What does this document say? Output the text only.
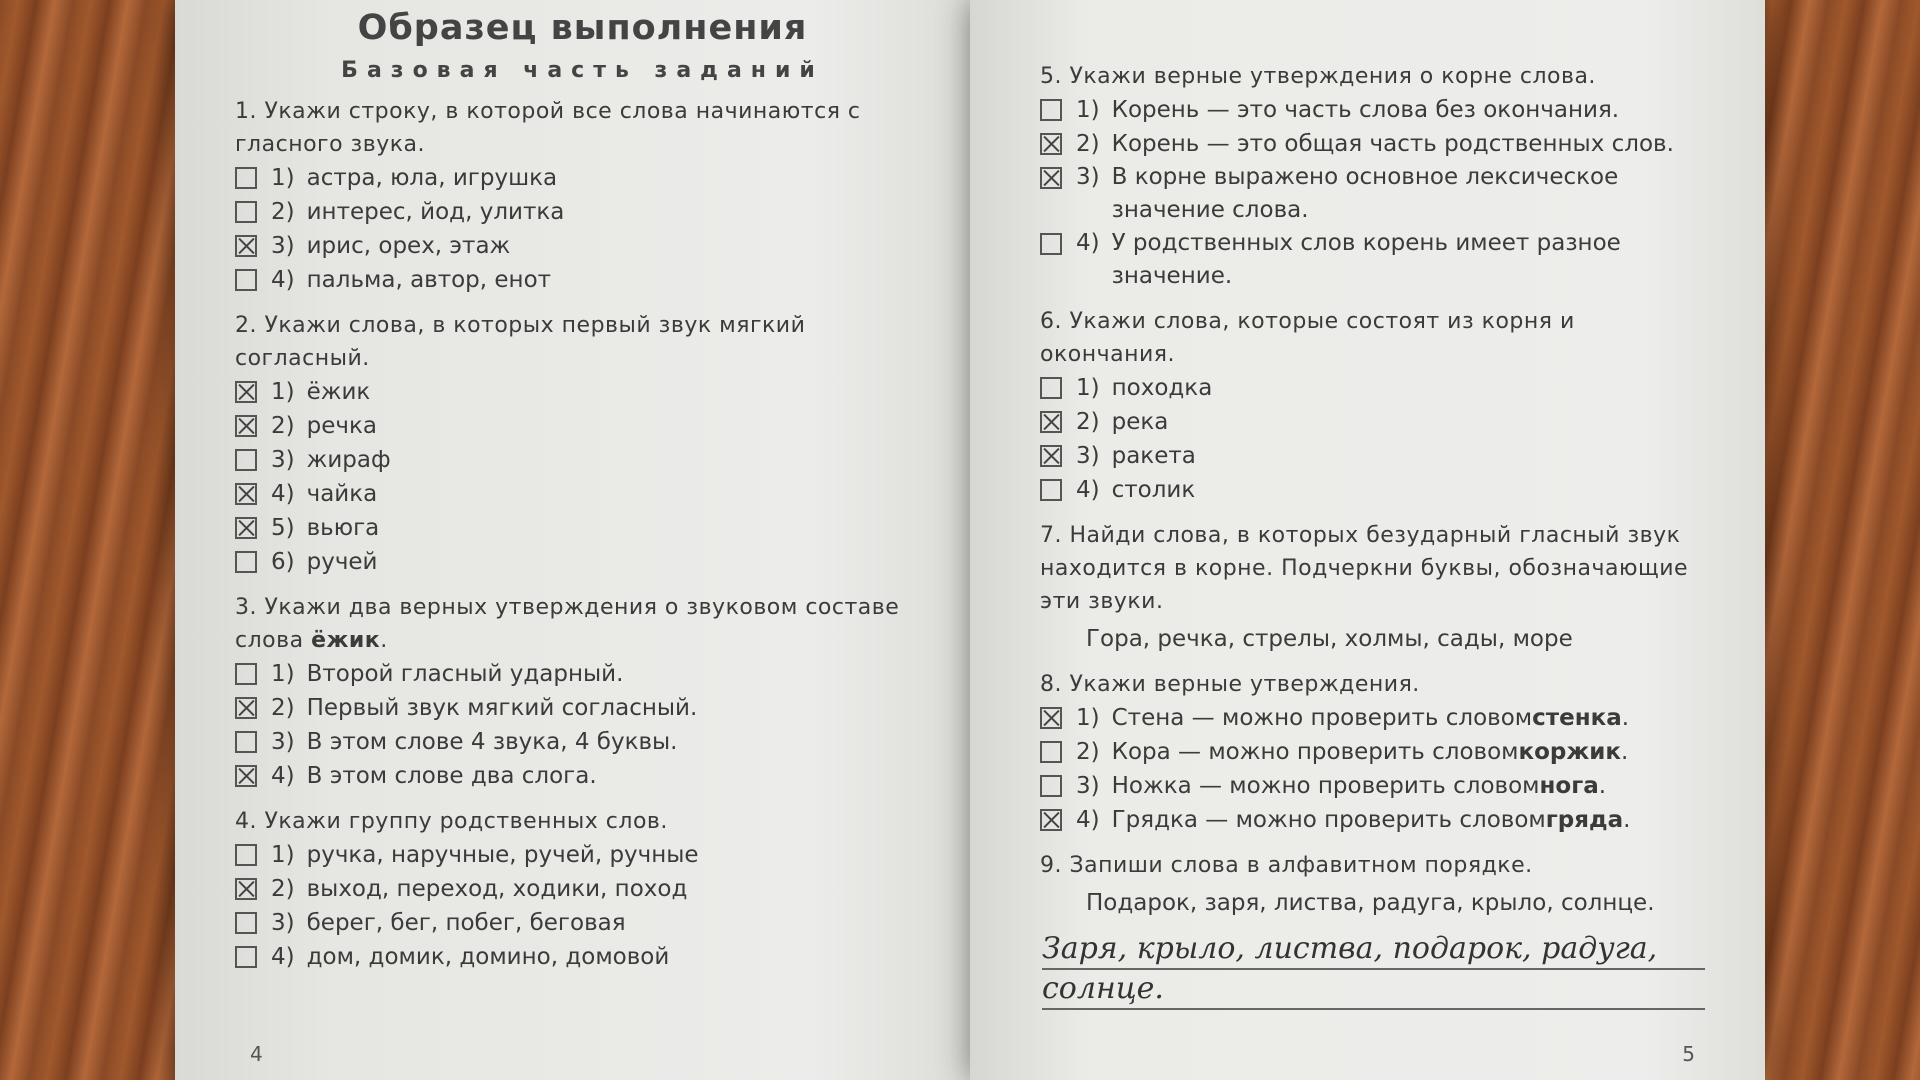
Образец выполнения
Базовая часть заданий
1. Укажи строку, в которой все слова начинаются с гласного звука.
1) астра, юла, игрушка
2) интерес, йод, улитка
3) ирис, орех, этаж
4) пальма, автор, енот
2. Укажи слова, в которых первый звук мягкий согласный.
1) ёжик
2) речка
3) жираф
4) чайка
5) вьюга
6) ручей
3. Укажи два верных утверждения о звуковом составе слова ёжик.
1) Второй гласный ударный.
2) Первый звук мягкий согласный.
3) В этом слове 4 звука, 4 буквы.
4) В этом слове два слога.
4. Укажи группу родственных слов.
1) ручка, наручные, ручей, ручные
2) выход, переход, ходики, поход
3) берег, бег, побег, беговая
4) дом, домик, домино, домовой
4
5. Укажи верные утверждения о корне слова.
1) Корень — это часть слова без окончания.
2) Корень — это общая часть родственных слов.
3) В корне выражено основное лексическое значение слова.
4) У родственных слов корень имеет разное значение.
6. Укажи слова, которые состоят из корня и окончания.
1) походка
2) река
3) ракета
4) столик
7. Найди слова, в которых безударный гласный звук находится в корне. Подчеркни буквы, обозначающие эти звуки.
Гора, речка, стрелы, холмы, сады, море
8. Укажи верные утверждения.
1) Стена — можно проверить словом стенка .
2) Кора — можно проверить словом коржик .
3) Ножка — можно проверить словом нога .
4) Грядка — можно проверить словом гряда .
9. Запиши слова в алфавитном порядке.
Подарок, заря, листва, радуга, крыло, солнце.
Заря, крыло, листва, подарок, радуга,
солнце.
5
